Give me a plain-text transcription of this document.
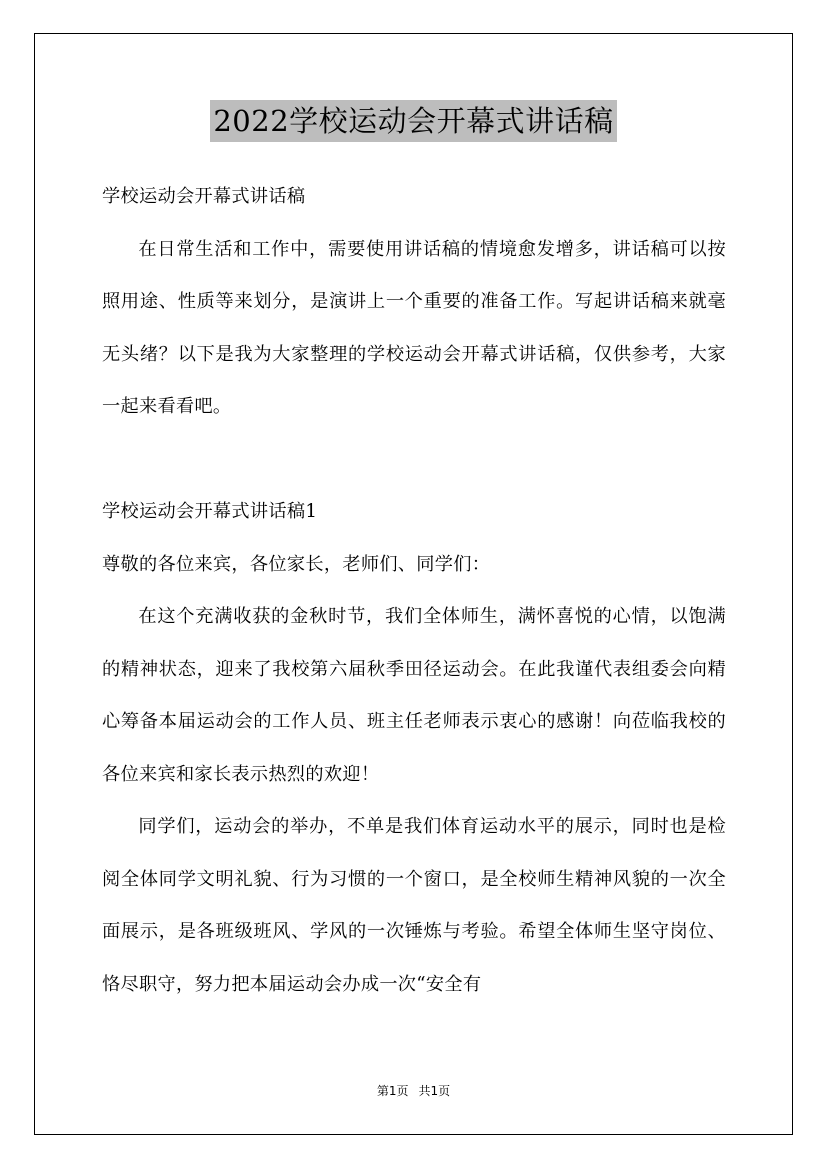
2022学校运动会开幕式讲话稿

学校运动会开幕式讲话稿

在日常生活和工作中，需要使用讲话稿的情境愈发增多，讲话稿可以按照用途、性质等来划分，是演讲上一个重要的准备工作。写起讲话稿来就毫无头绪？以下是我为大家整理的学校运动会开幕式讲话稿，仅供参考，大家一起来看看吧。

学校运动会开幕式讲话稿1

尊敬的各位来宾，各位家长，老师们、同学们：

在这个充满收获的金秋时节，我们全体师生，满怀喜悦的心情，以饱满的精神状态，迎来了我校第六届秋季田径运动会。在此我谨代表组委会向精心筹备本届运动会的工作人员、班主任老师表示衷心的感谢！向莅临我校的各位来宾和家长表示热烈的欢迎！

同学们，运动会的举办，不单是我们体育运动水平的展示，同时也是检阅全体同学文明礼貌、行为习惯的一个窗口，是全校师生精神风貌的一次全面展示，是各班级班风、学风的一次锤炼与考验。希望全体师生坚守岗位、恪尽职守，努力把本届运动会办成一次“安全有

第1页 共1页
